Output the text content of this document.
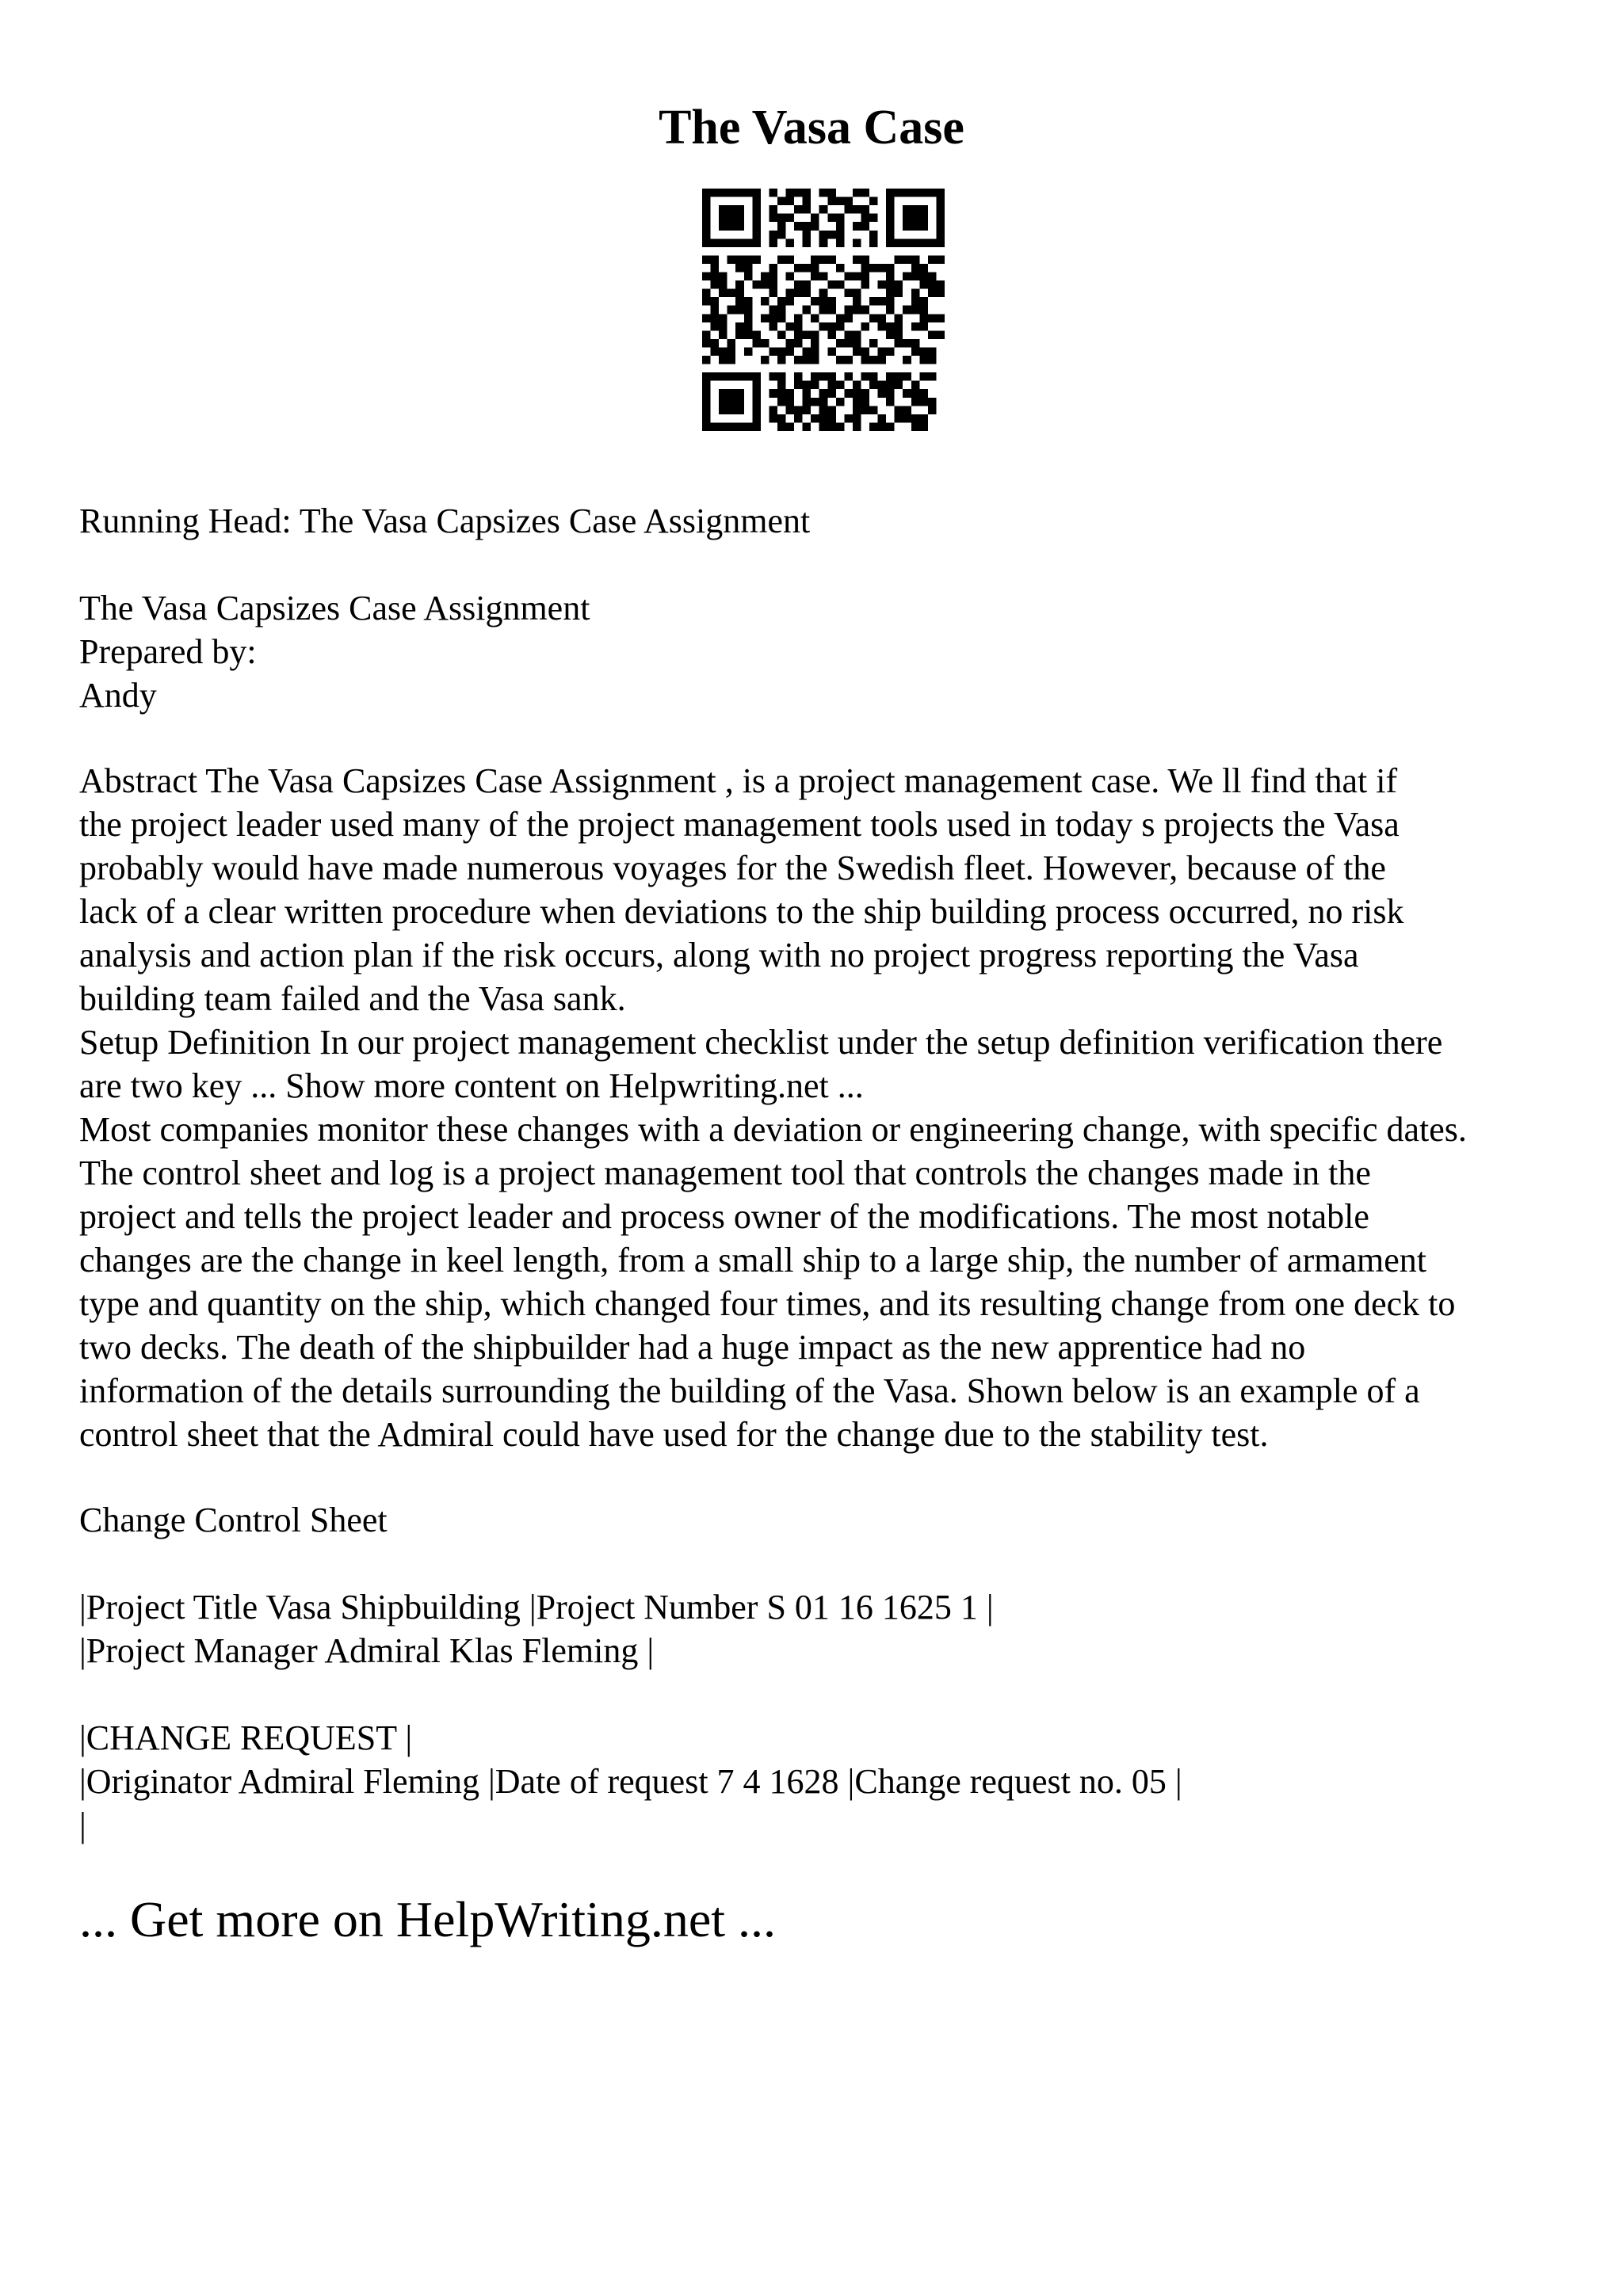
The Vasa Case

Running Head: The Vasa Capsizes Case Assignment

The Vasa Capsizes Case Assignment
Prepared by:
Andy
Abstract The Vasa Capsizes Case Assignment , is a project management case. We ll find that if
the project leader used many of the project management tools used in today s projects the Vasa
probably would have made numerous voyages for the Swedish fleet. However, because of the
lack of a clear written procedure when deviations to the ship building process occurred, no risk
analysis and action plan if the risk occurs, along with no project progress reporting the Vasa
building team failed and the Vasa sank.
Setup Definition In our project management checklist under the setup definition verification there
are two key ... Show more content on Helpwriting.net ...
Most companies monitor these changes with a deviation or engineering change, with specific dates.
The control sheet and log is a project management tool that controls the changes made in the
project and tells the project leader and process owner of the modifications. The most notable
changes are the change in keel length, from a small ship to a large ship, the number of armament
type and quantity on the ship, which changed four times, and its resulting change from one deck to
two decks. The death of the shipbuilder had a huge impact as the new apprentice had no
information of the details surrounding the building of the Vasa. Shown below is an example of a
control sheet that the Admiral could have used for the change due to the stability test.

Change Control Sheet

|Project Title Vasa Shipbuilding |Project Number S 01 16 1625 1 |
|Project Manager Admiral Klas Fleming |
|CHANGE REQUEST |
|Originator Admiral Fleming |Date of request 7 4 1628 |Change request no. 05 |
|

... Get more on HelpWriting.net ...
